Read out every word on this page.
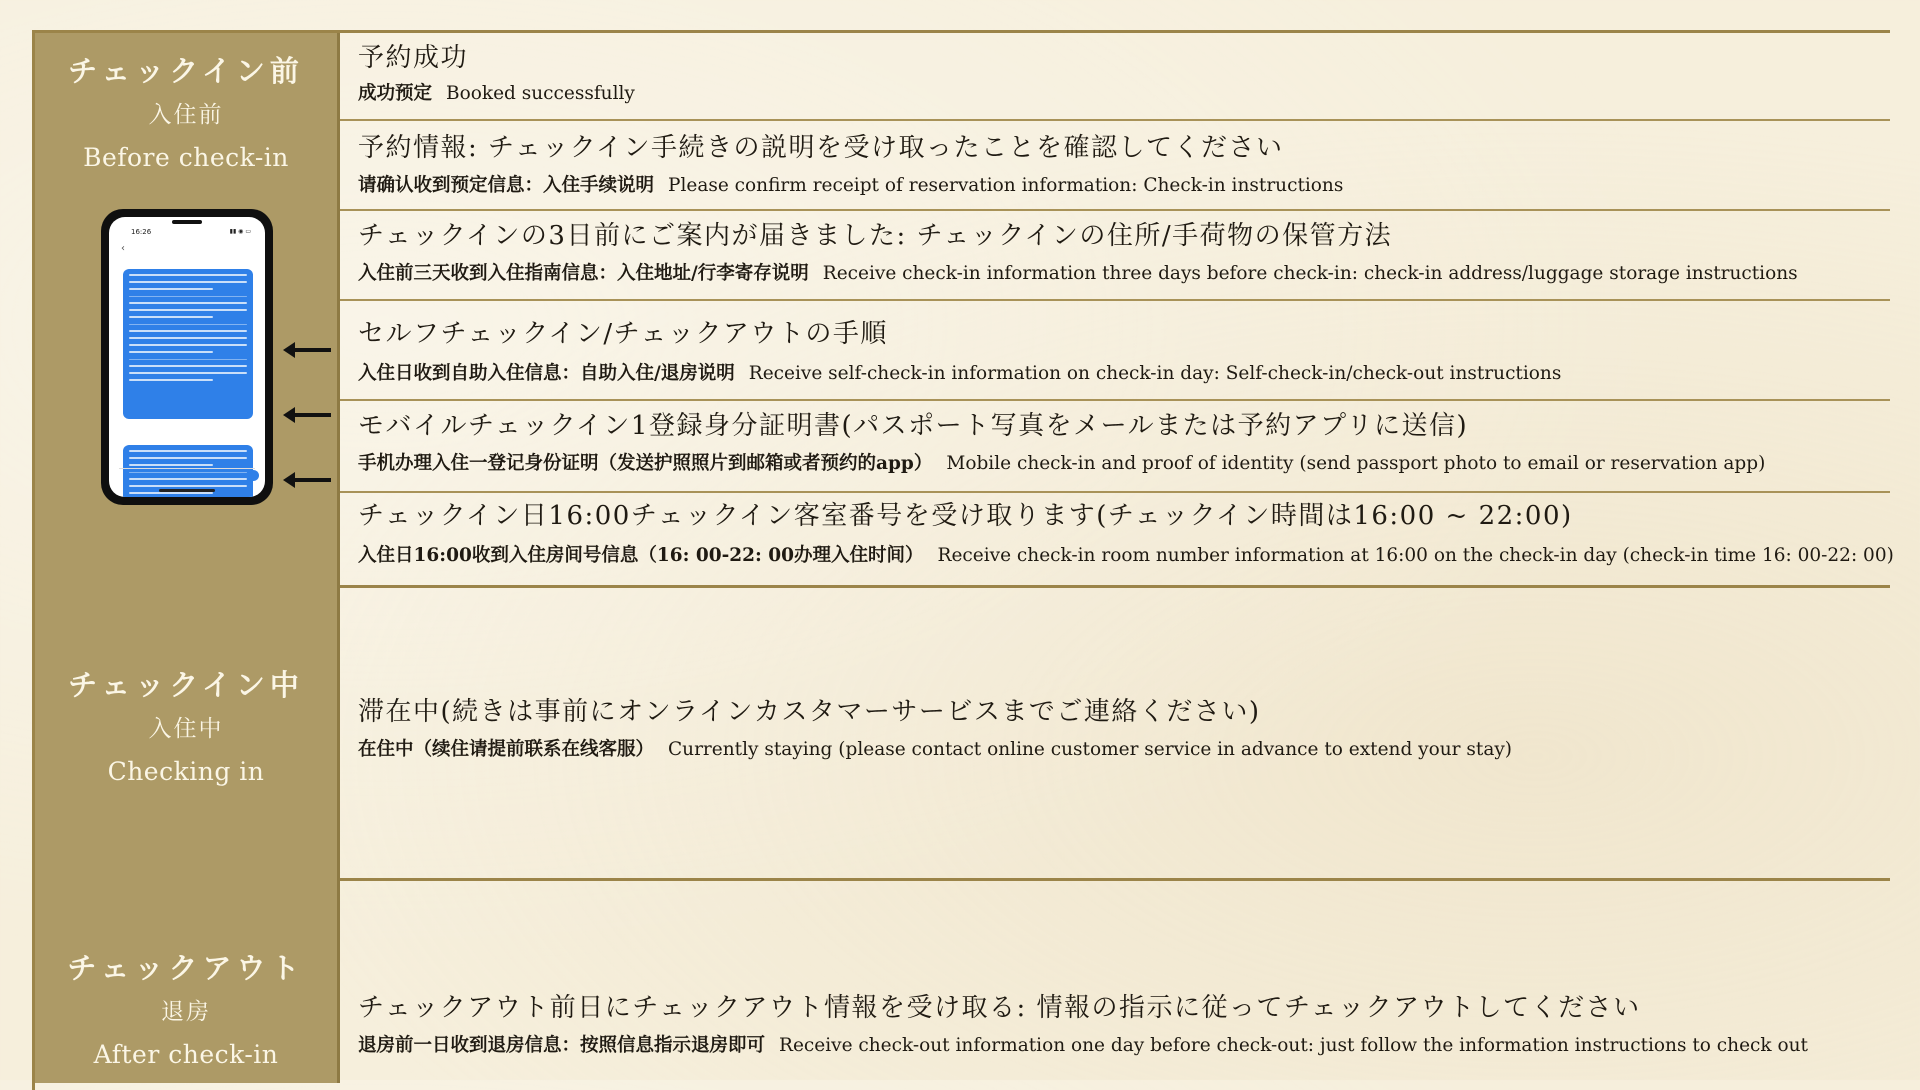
チェックイン前
入住前
Before check-in
16:26	▮▮ ◉ ▭
‹
予約成功
成功预定 Booked successfully
予約情報: チェックイン手続きの説明を受け取ったことを確認してください
请确认收到预定信息：入住手续说明 Please confirm receipt of reservation information: Check-in instructions
チェックインの3日前にご案内が届きました: チェックインの住所/手荷物の保管方法
入住前三天收到入住指南信息：入住地址/行李寄存说明 Receive check-in information three days before check-in: check-in address/luggage storage instructions
セルフチェックイン/チェックアウトの手順
入住日收到自助入住信息：自助入住/退房说明 Receive self-check-in information on check-in day: Self-check-in/check-out instructions
モバイルチェックイン1登録身分証明書(パスポート写真をメールまたは予約アプリに送信)
手机办理入住一登记身份证明（发送护照照片到邮箱或者预约的app） Mobile check-in and proof of identity (send passport photo to email or reservation app)
チェックイン日16:00チェックイン客室番号を受け取ります(チェックイン時間は16:00 ~ 22:00)
入住日16:00收到入住房间号信息（16: 00-22: 00办理入住时间） Receive check-in room number information at 16:00 on the check-in day (check-in time 16: 00-22: 00)
チェックイン中
入住中
Checking in
滞在中(続きは事前にオンラインカスタマーサービスまでご連絡ください)
在住中（续住请提前联系在线客服） Currently staying (please contact online customer service in advance to extend your stay)
チェックアウト
退房
After check-in
チェックアウト前日にチェックアウト情報を受け取る: 情報の指示に従ってチェックアウトしてください
退房前一日收到退房信息：按照信息指示退房即可 Receive check-out information one day before check-out: just follow the information instructions to check out
